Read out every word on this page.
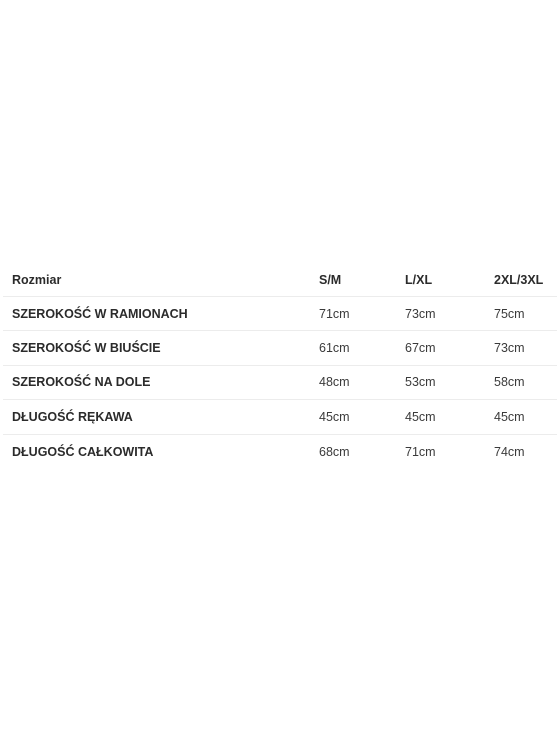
Rozmiar	S/M	L/XL	2XL/3XL
SZEROKOŚĆ W RAMIONACH	71cm	73cm	75cm
SZEROKOŚĆ W BIUŚCIE	61cm	67cm	73cm
SZEROKOŚĆ NA DOLE	48cm	53cm	58cm
DŁUGOŚĆ RĘKAWA	45cm	45cm	45cm
DŁUGOŚĆ CAŁKOWITA	68cm	71cm	74cm
